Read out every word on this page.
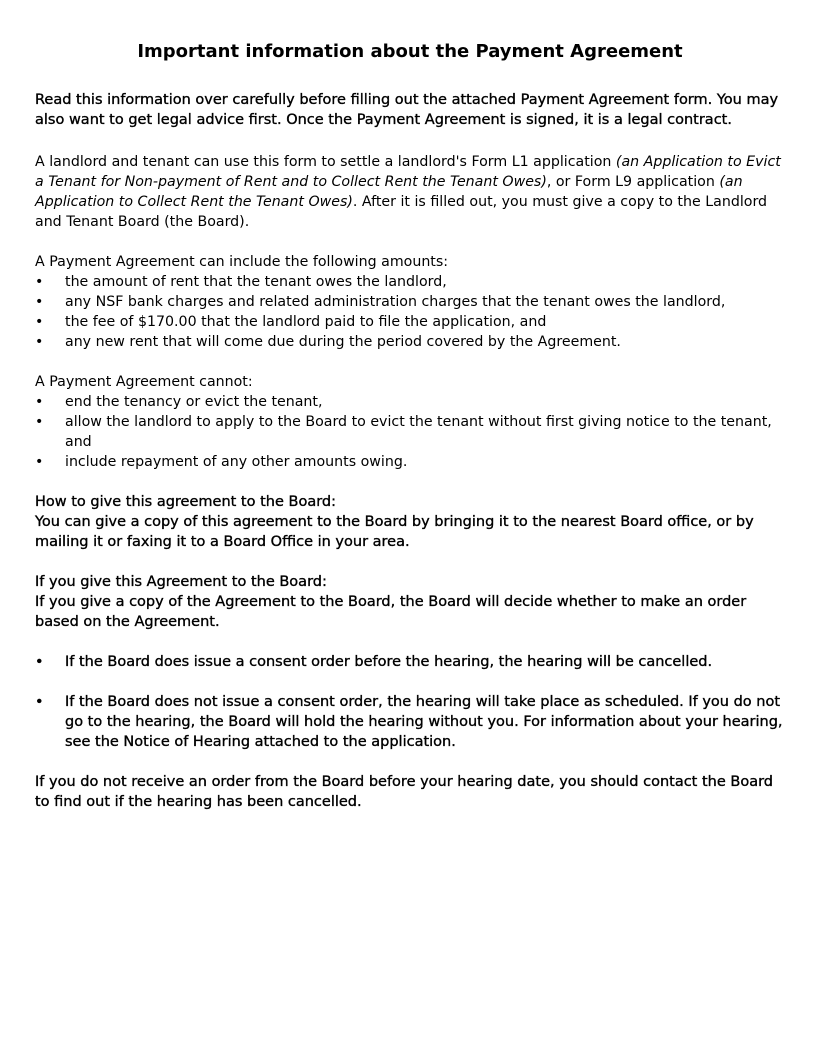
Important information about the Payment Agreement

Read this information over carefully before filling out the attached Payment Agreement form. You may also want to get legal advice first. Once the Payment Agreement is signed, it is a legal contract.

A landlord and tenant can use this form to settle a landlord's Form L1 application (an Application to Evict a Tenant for Non-payment of Rent and to Collect Rent the Tenant Owes), or Form L9 application (an Application to Collect Rent the Tenant Owes). After it is filled out, you must give a copy to the Landlord and Tenant Board (the Board).

A Payment Agreement can include the following amounts:

• the amount of rent that the tenant owes the landlord,
• any NSF bank charges and related administration charges that the tenant owes the landlord,
• the fee of $170.00 that the landlord paid to file the application, and
• any new rent that will come due during the period covered by the Agreement.

A Payment Agreement cannot:

• end the tenancy or evict the tenant,
• allow the landlord to apply to the Board to evict the tenant without first giving notice to the tenant, and
• include repayment of any other amounts owing.

How to give this agreement to the Board:

You can give a copy of this agreement to the Board by bringing it to the nearest Board office, or by mailing it or faxing it to a Board Office in your area.

If you give this Agreement to the Board:

If you give a copy of the Agreement to the Board, the Board will decide whether to make an order based on the Agreement.

• If the Board does issue a consent order before the hearing, the hearing will be cancelled.
• If the Board does not issue a consent order, the hearing will take place as scheduled. If you do not go to the hearing, the Board will hold the hearing without you. For information about your hearing, see the Notice of Hearing attached to the application.

If you do not receive an order from the Board before your hearing date, you should contact the Board to find out if the hearing has been cancelled.
